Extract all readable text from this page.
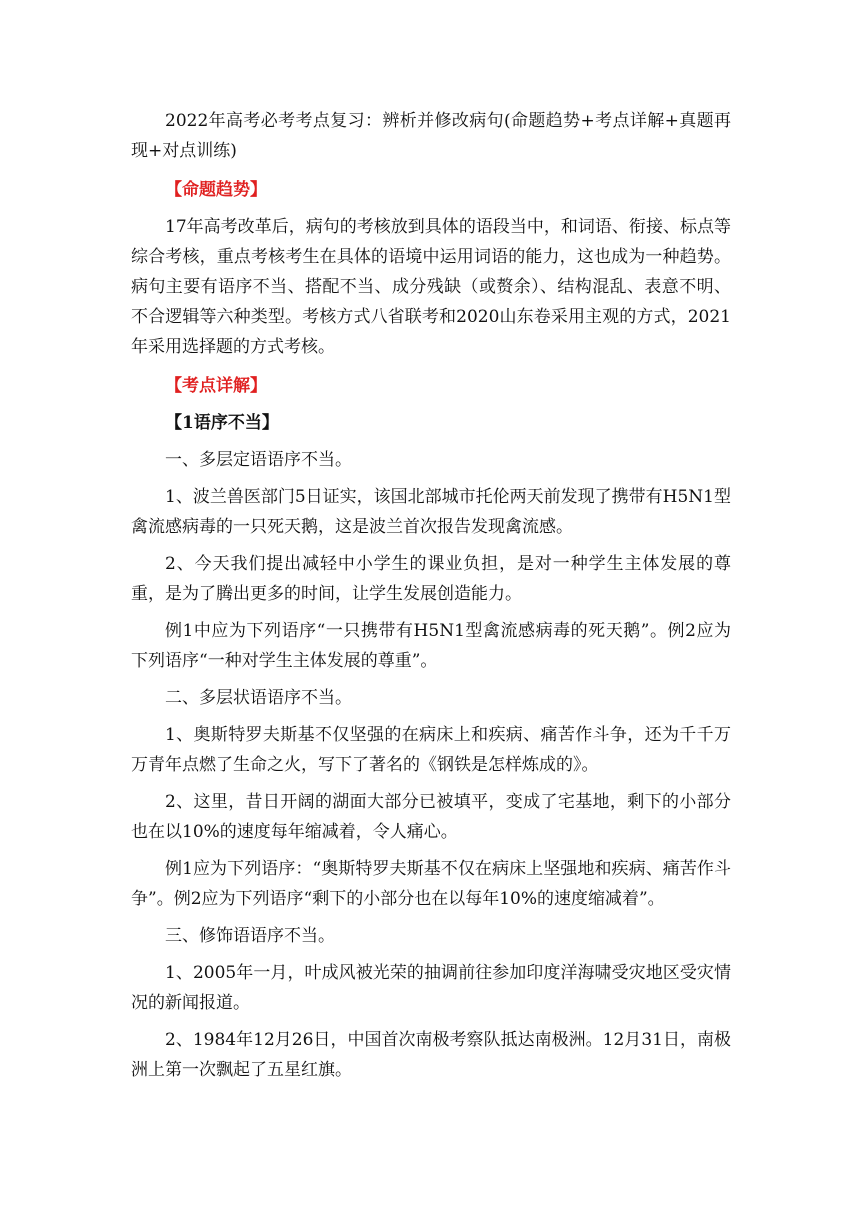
2022年高考必考考点复习：辨析并修改病句(命题趋势+考点详解+真题再现+对点训练)

【命题趋势】

17年高考改革后，病句的考核放到具体的语段当中，和词语、衔接、标点等综合考核，重点考核考生在具体的语境中运用词语的能力，这也成为一种趋势。病句主要有语序不当、搭配不当、成分残缺（或赘余）、结构混乱、表意不明、不合逻辑等六种类型。考核方式八省联考和2020山东卷采用主观的方式，2021年采用选择题的方式考核。

【考点详解】

【1语序不当】

一、多层定语语序不当。

1、波兰兽医部门5日证实，该国北部城市托伦两天前发现了携带有H5N1型禽流感病毒的一只死天鹅，这是波兰首次报告发现禽流感。

2、今天我们提出减轻中小学生的课业负担，是对一种学生主体发展的尊重，是为了腾出更多的时间，让学生发展创造能力。

例1中应为下列语序“一只携带有H5N1型禽流感病毒的死天鹅”。例2应为下列语序“一种对学生主体发展的尊重”。

二、多层状语语序不当。

1、奥斯特罗夫斯基不仅坚强的在病床上和疾病、痛苦作斗争，还为千千万万青年点燃了生命之火，写下了著名的《钢铁是怎样炼成的》。

2、这里，昔日开阔的湖面大部分已被填平，变成了宅基地，剩下的小部分也在以10%的速度每年缩减着，令人痛心。

例1应为下列语序：“奥斯特罗夫斯基不仅在病床上坚强地和疾病、痛苦作斗争”。例2应为下列语序“剩下的小部分也在以每年10%的速度缩减着”。

三、修饰语语序不当。

1、2005年一月，叶成风被光荣的抽调前往参加印度洋海啸受灾地区受灾情况的新闻报道。

2、1984年12月26日，中国首次南极考察队抵达南极洲。12月31日，南极洲上第一次飘起了五星红旗。
